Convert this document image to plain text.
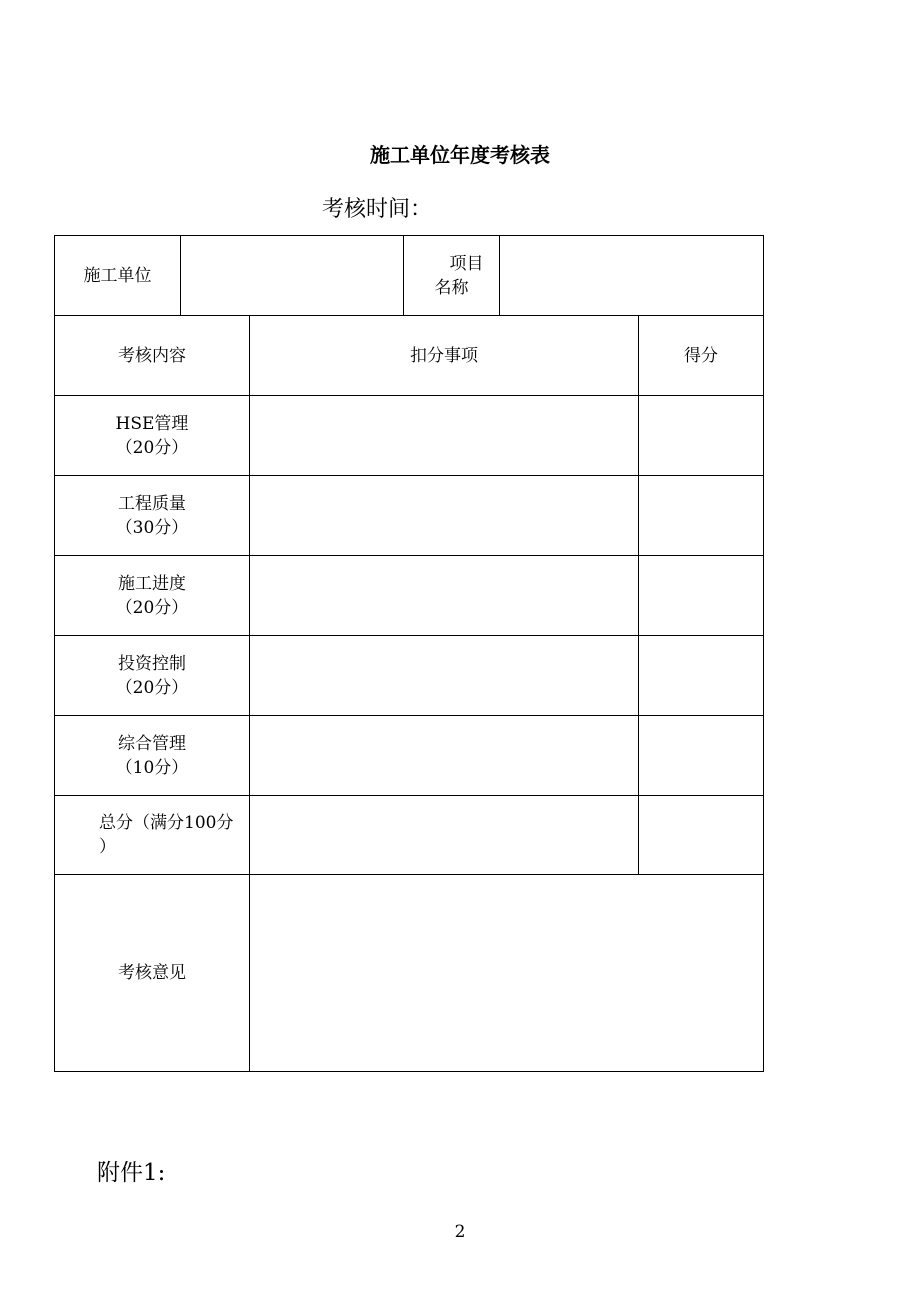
施工单位年度考核表
考核时间：
施工单位
项目
名称
考核内容	扣分事项	得分
HSE管理
（20分）
工程质量
（30分）
施工进度
（20分）
投资控制
（20分）
综合管理
（10分）
总分（满分100分
）
考核意见
附件1:
2
